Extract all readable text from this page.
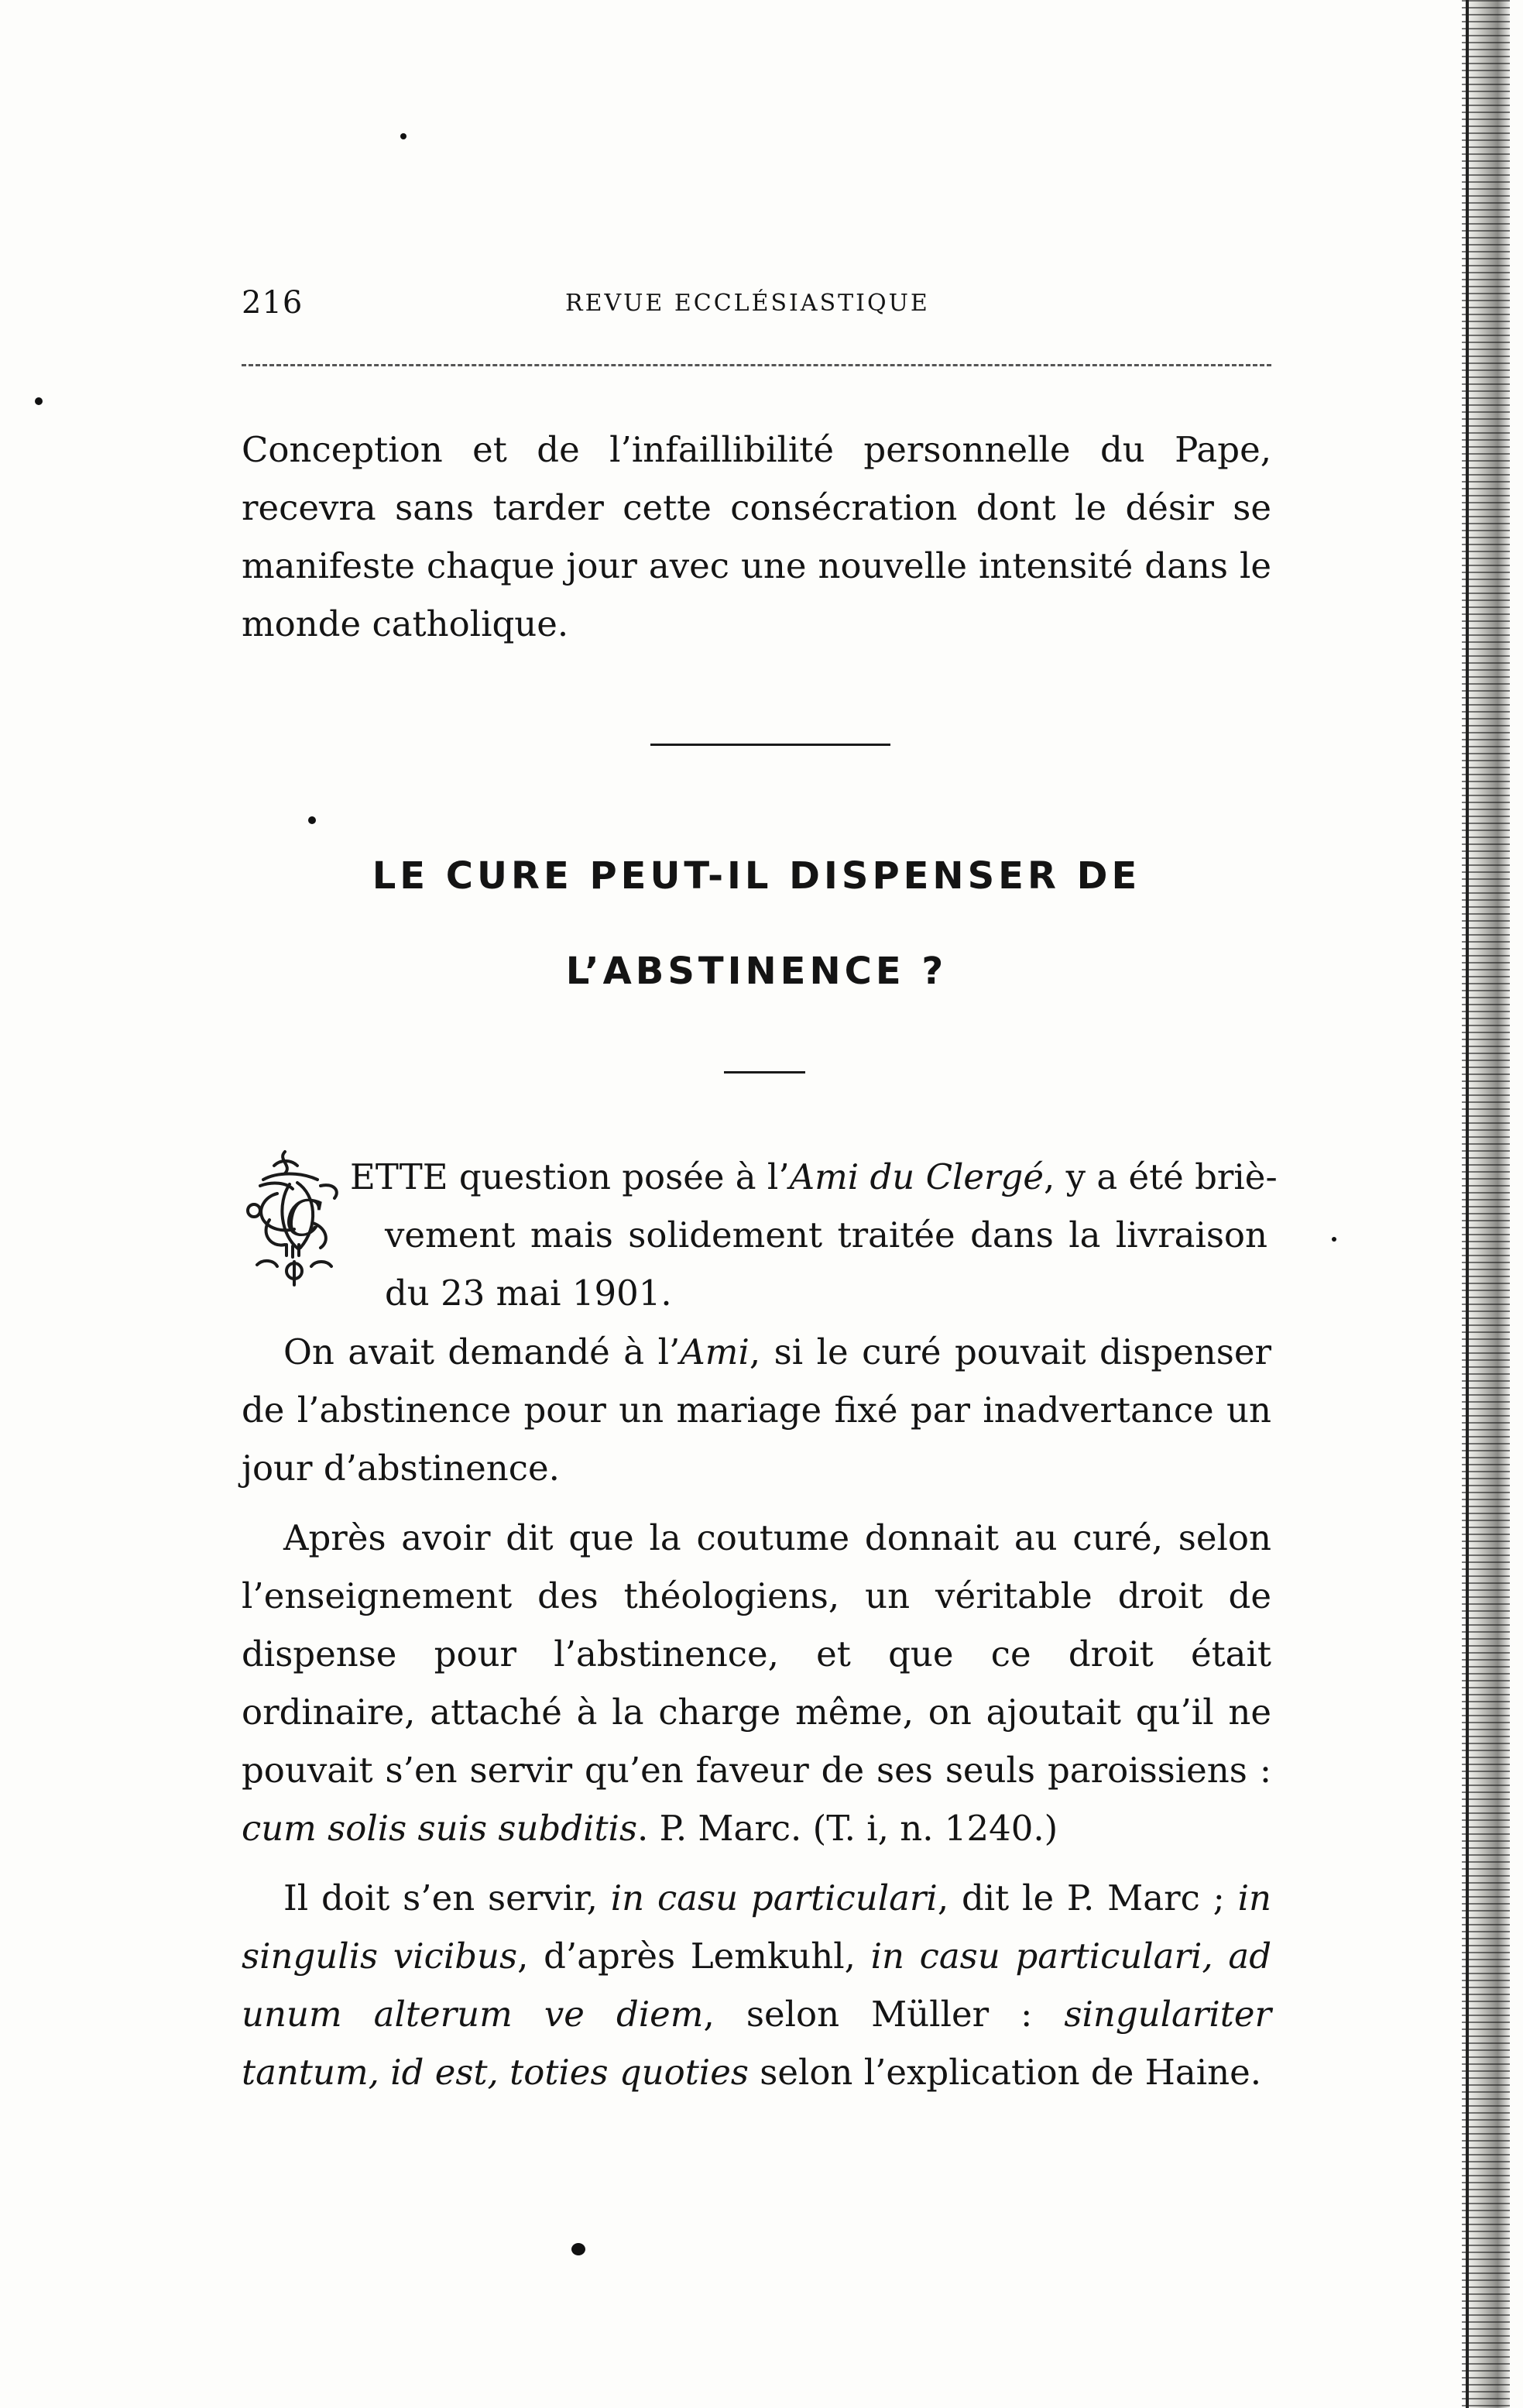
216	REVUE ECCLÉSIASTIQUE

Conception et de l’infaillibilité personnelle du Pape, recevra sans tarder cette consécration dont le désir se manifeste chaque jour avec une nouvelle intensité dans le monde catholique.

LE CURE PEUT-IL DISPENSER DE
L’ABSTINENCE ?
C
ETTE question posée à l’Ami du Clergé, y a été briè-
vement mais solidement traitée dans la livraison
du 23 mai 1901.

On avait demandé à l’Ami, si le curé pouvait dispenser de l’abstinence pour un mariage fixé par inadvertance un jour d’abstinence.

Après avoir dit que la coutume donnait au curé, selon l’enseignement des théologiens, un véritable droit de dispense pour l’abstinence, et que ce droit était ordinaire, attaché à la charge même, on ajoutait qu’il ne pouvait s’en servir qu’en faveur de ses seuls paroissiens : cum solis suis subditis. P. Marc. (T. i, n. 1240.)

Il doit s’en servir, in casu particulari, dit le P. Marc ; in singulis vicibus, d’après Lemkuhl, in casu particulari, ad unum alterum ve diem, selon Müller : singulariter tantum, id est, toties quoties selon l’explication de Haine.
